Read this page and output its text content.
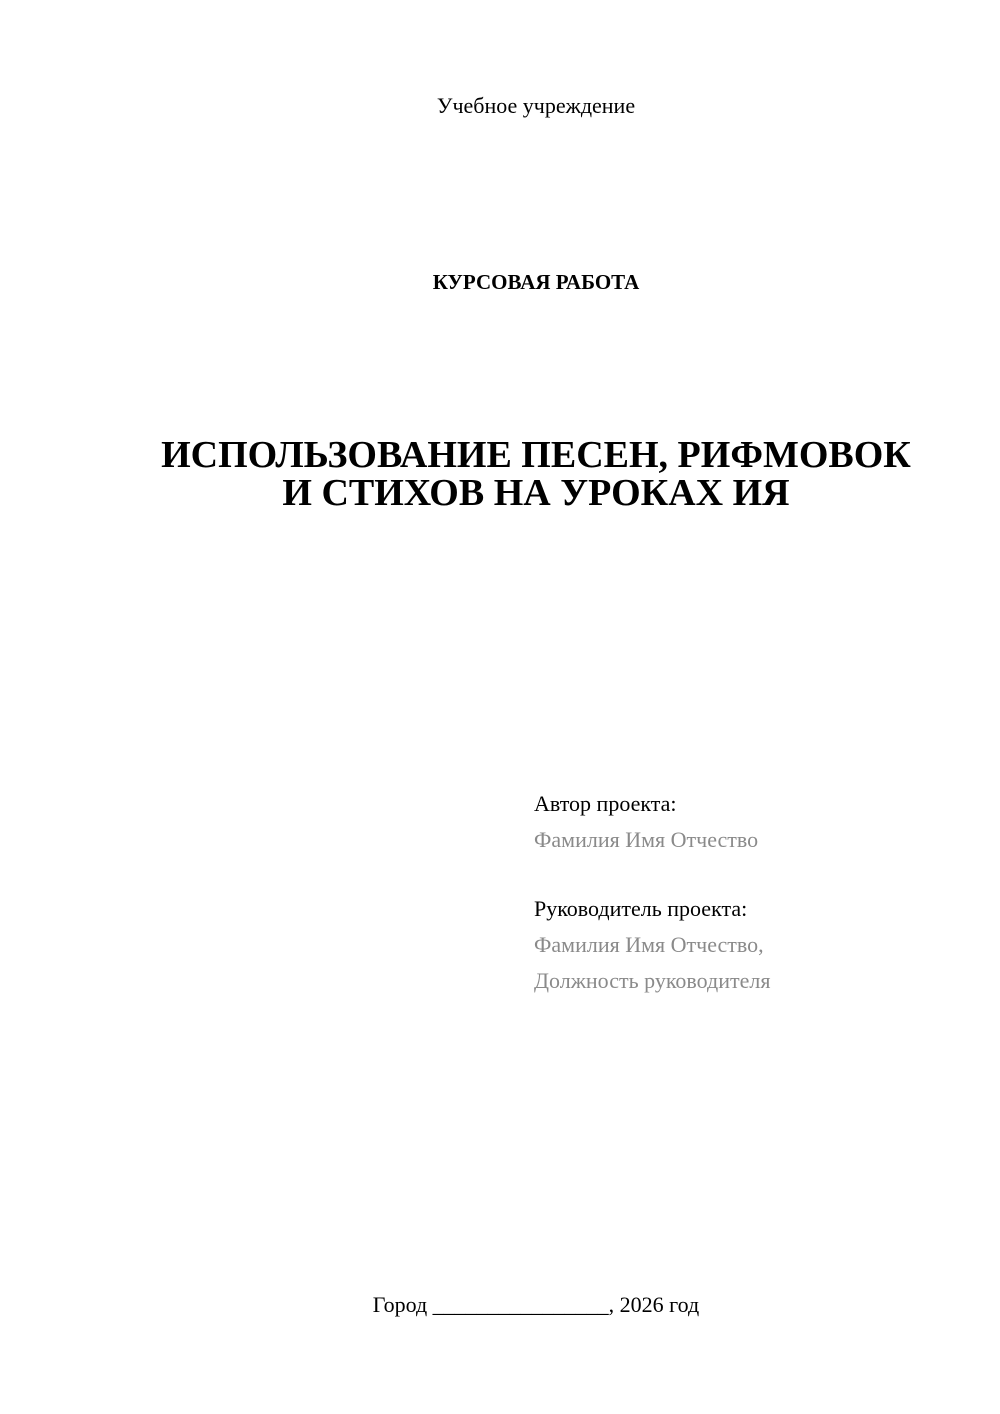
Учебное учреждение
КУРСОВАЯ РАБОТА
ИСПОЛЬЗОВАНИЕ ПЕСЕН, РИФМОВОК
И СТИХОВ НА УРОКАХ ИЯ
Автор проекта:
Фамилия Имя Отчество
Руководитель проекта:
Фамилия Имя Отчество,
Должность руководителя
Город ________________, 2026 год
